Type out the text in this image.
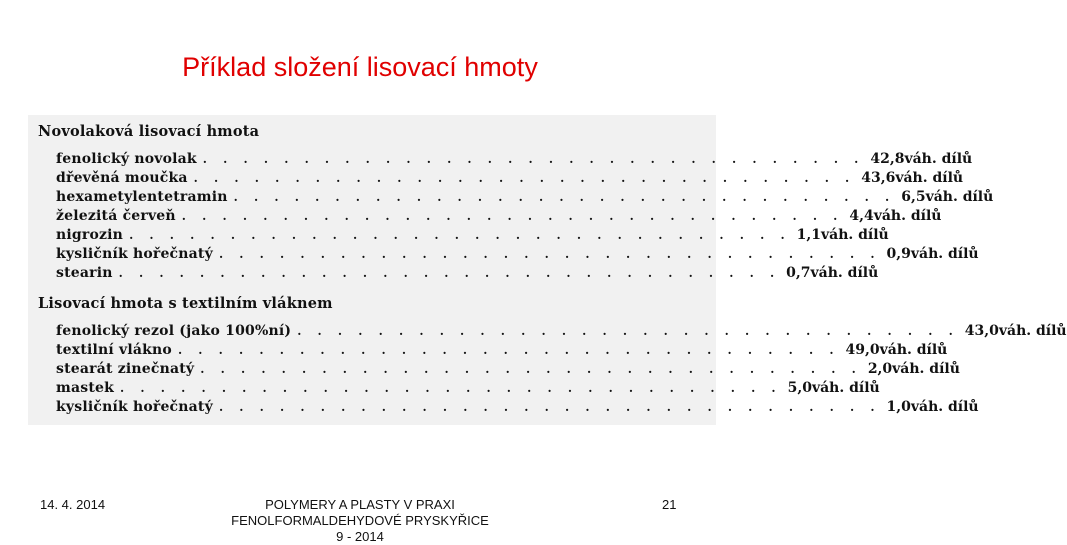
Příklad složení lisovací hmoty
Novolaková lisovací hmota
fenolický novolak . . . . . . . . . . . . . . . . . . . . . . . . . . . . . . . . . 42,8 váh. dílů
dřevěná moučka . . . . . . . . . . . . . . . . . . . . . . . . . . . . . . . . . 43,6 váh. dílů
hexametylentetramin . . . . . . . . . . . . . . . . . . . . . . . . . . . . . . . . . 6,5 váh. dílů
železitá červeň . . . . . . . . . . . . . . . . . . . . . . . . . . . . . . . . . 4,4 váh. dílů
nigrozin . . . . . . . . . . . . . . . . . . . . . . . . . . . . . . . . . 1,1 váh. dílů
kysličník hořečnatý . . . . . . . . . . . . . . . . . . . . . . . . . . . . . . . . . 0,9 váh. dílů
stearin . . . . . . . . . . . . . . . . . . . . . . . . . . . . . . . . . 0,7 váh. dílů
Lisovací hmota s textilním vláknem
fenolický rezol (jako 100%ní) . . . . . . . . . . . . . . . . . . . . . . . . . . . . . . . . . 43,0 váh. dílů
textilní vlákno . . . . . . . . . . . . . . . . . . . . . . . . . . . . . . . . . 49,0 váh. dílů
stearát zinečnatý . . . . . . . . . . . . . . . . . . . . . . . . . . . . . . . . . 2,0 váh. dílů
mastek . . . . . . . . . . . . . . . . . . . . . . . . . . . . . . . . . 5,0 váh. dílů
kysličník hořečnatý . . . . . . . . . . . . . . . . . . . . . . . . . . . . . . . . . 1,0 váh. dílů
14. 4. 2014	POLYMERY A PLASTY V PRAXI FENOLFORMALDEHYDOVÉ PRYSKYŘICE 9 - 2014
21
